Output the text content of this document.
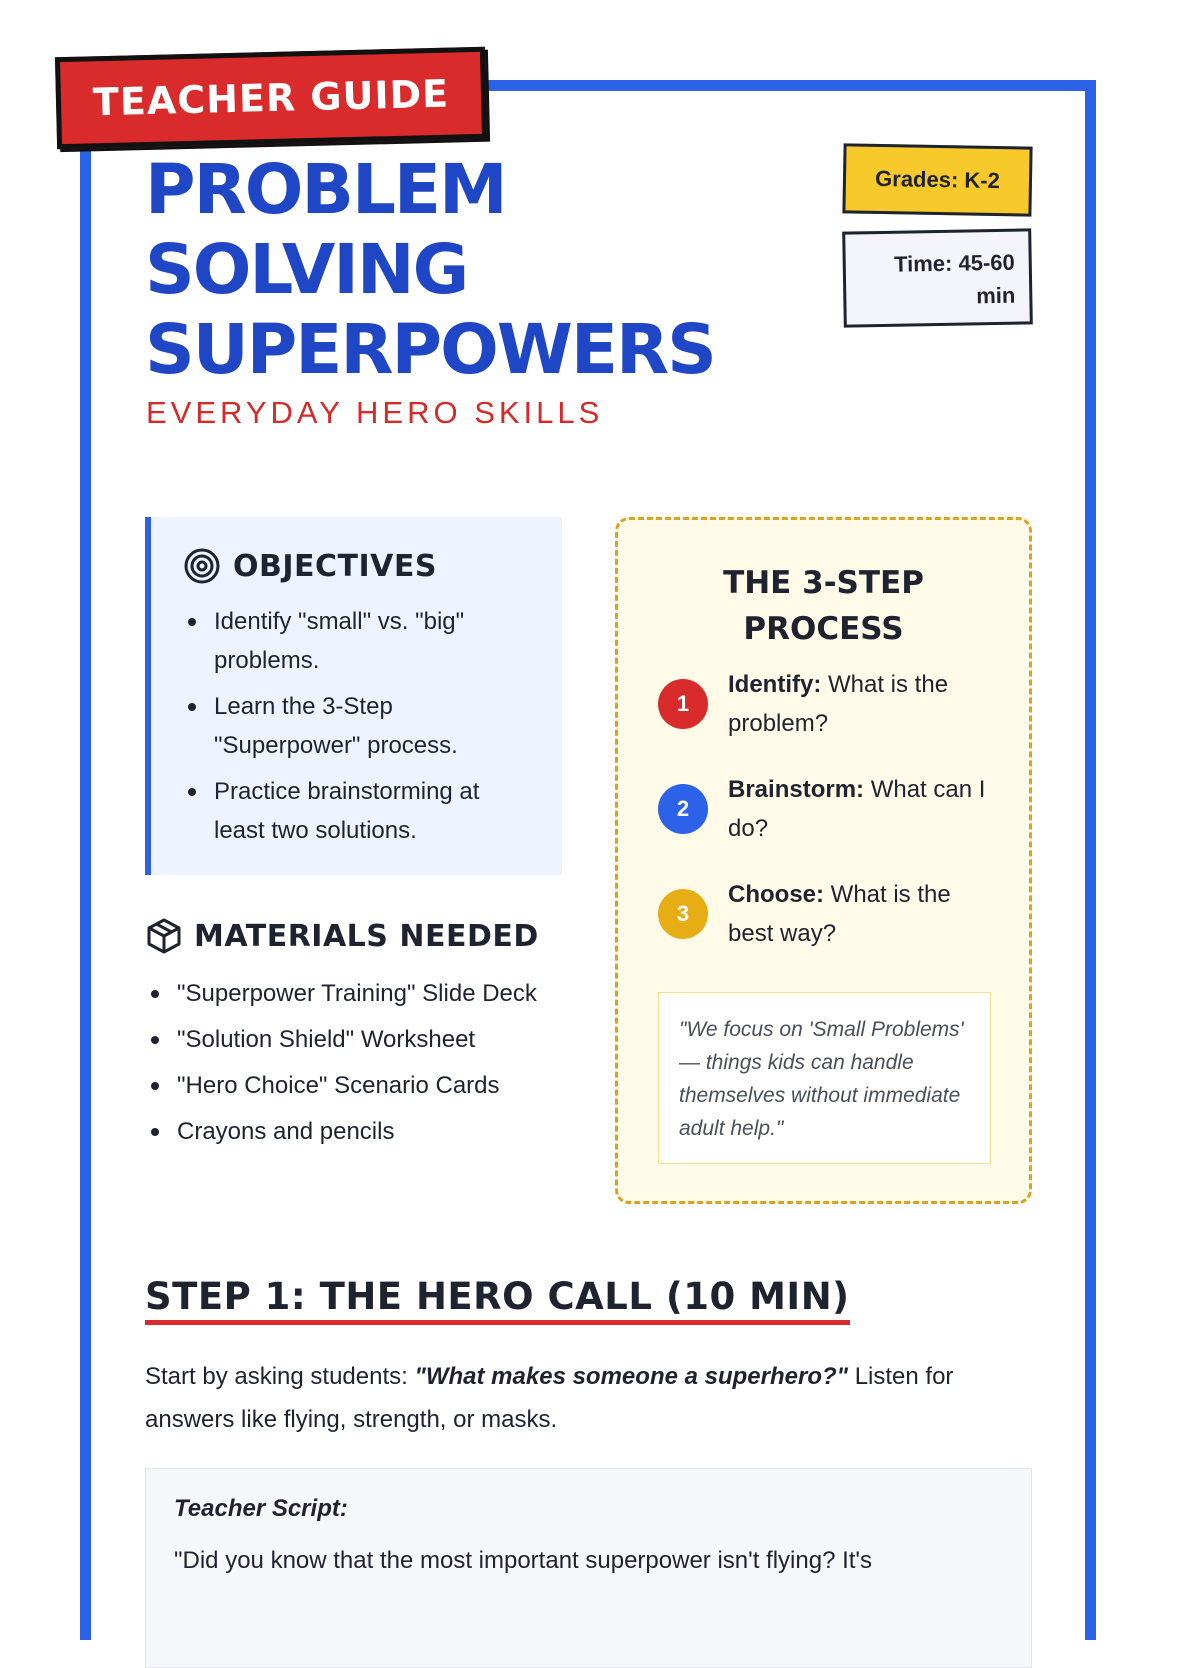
TEACHER GUIDE
PROBLEM
SOLVING
SUPERPOWERS
EVERYDAY HERO SKILLS
Grades: K-2
Time: 45-60
min
OBJECTIVES
Identify "small" vs. "big" problems.
Learn the 3-Step "Superpower" process.
Practice brainstorming at least two solutions.
MATERIALS NEEDED
"Superpower Training" Slide Deck
"Solution Shield" Worksheet
"Hero Choice" Scenario Cards
Crayons and pencils
THE 3-STEP
PROCESS
1
Identify: What is the problem?
2
Brainstorm: What can I do?
3
Choose: What is the best way?
"We focus on 'Small Problems' — things kids can handle themselves without immediate adult help."
STEP 1: THE HERO CALL (10 MIN)

Start by asking students: "What makes someone a superhero?" Listen for answers like flying, strength, or masks.

Teacher Script:
"Did you know that the most important superpower isn't flying? It's
